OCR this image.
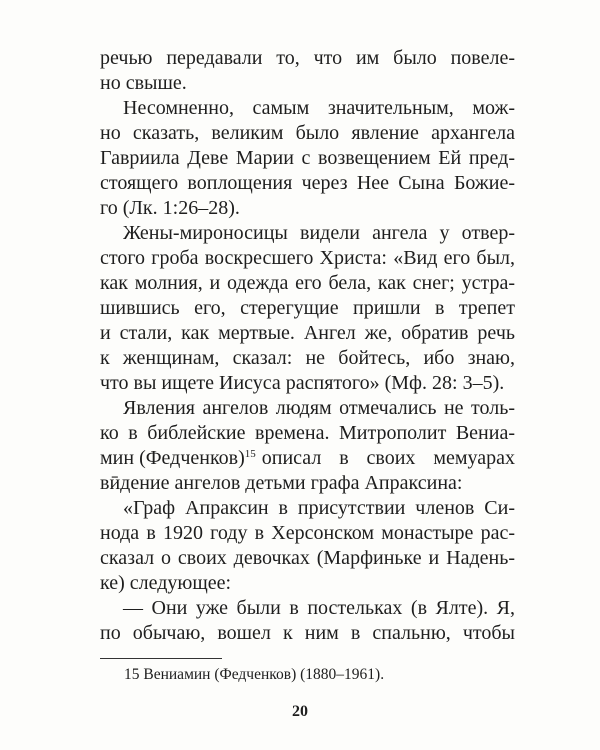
речью передавали то, что им было повеле-
но свыше.
Несомненно, самым значительным, мож-
но сказать, великим было явление архангела
Гавриила Деве Марии с возвещением Ей пред-
стоящего воплощения через Нее Сына Божие-
го (Лк. 1:26–28).
Жены-мироносицы видели ангела у отвер-
стого гроба воскресшего Христа: «Вид его был,
как молния, и одежда его бела, как снег; устра-
шившись его, стерегущие пришли в трепет
и стали, как мертвые. Ангел же, обратив речь
к женщинам, сказал: не бойтесь, ибо знаю,
что вы ищете Иисуса распятого» (Мф. 28: 3–5).
Явления ангелов людям отмечались не толь-
ко в библейские времена. Митрополит Вениа-
мин (Федченков) 15 описал в своих мемуарах
вӣдение ангелов детьми графа Апраксина:
«Граф Апраксин в присутствии членов Си-
нода в 1920 году в Херсонском монастыре рас-
сказал о своих девочках (Марфиньке и Надень-
ке) следующее:
— Они уже были в постельках (в Ялте). Я,
по обычаю, вошел к ним в спальню, чтобы
15 Вениамин (Федченков) (1880–1961).
20
